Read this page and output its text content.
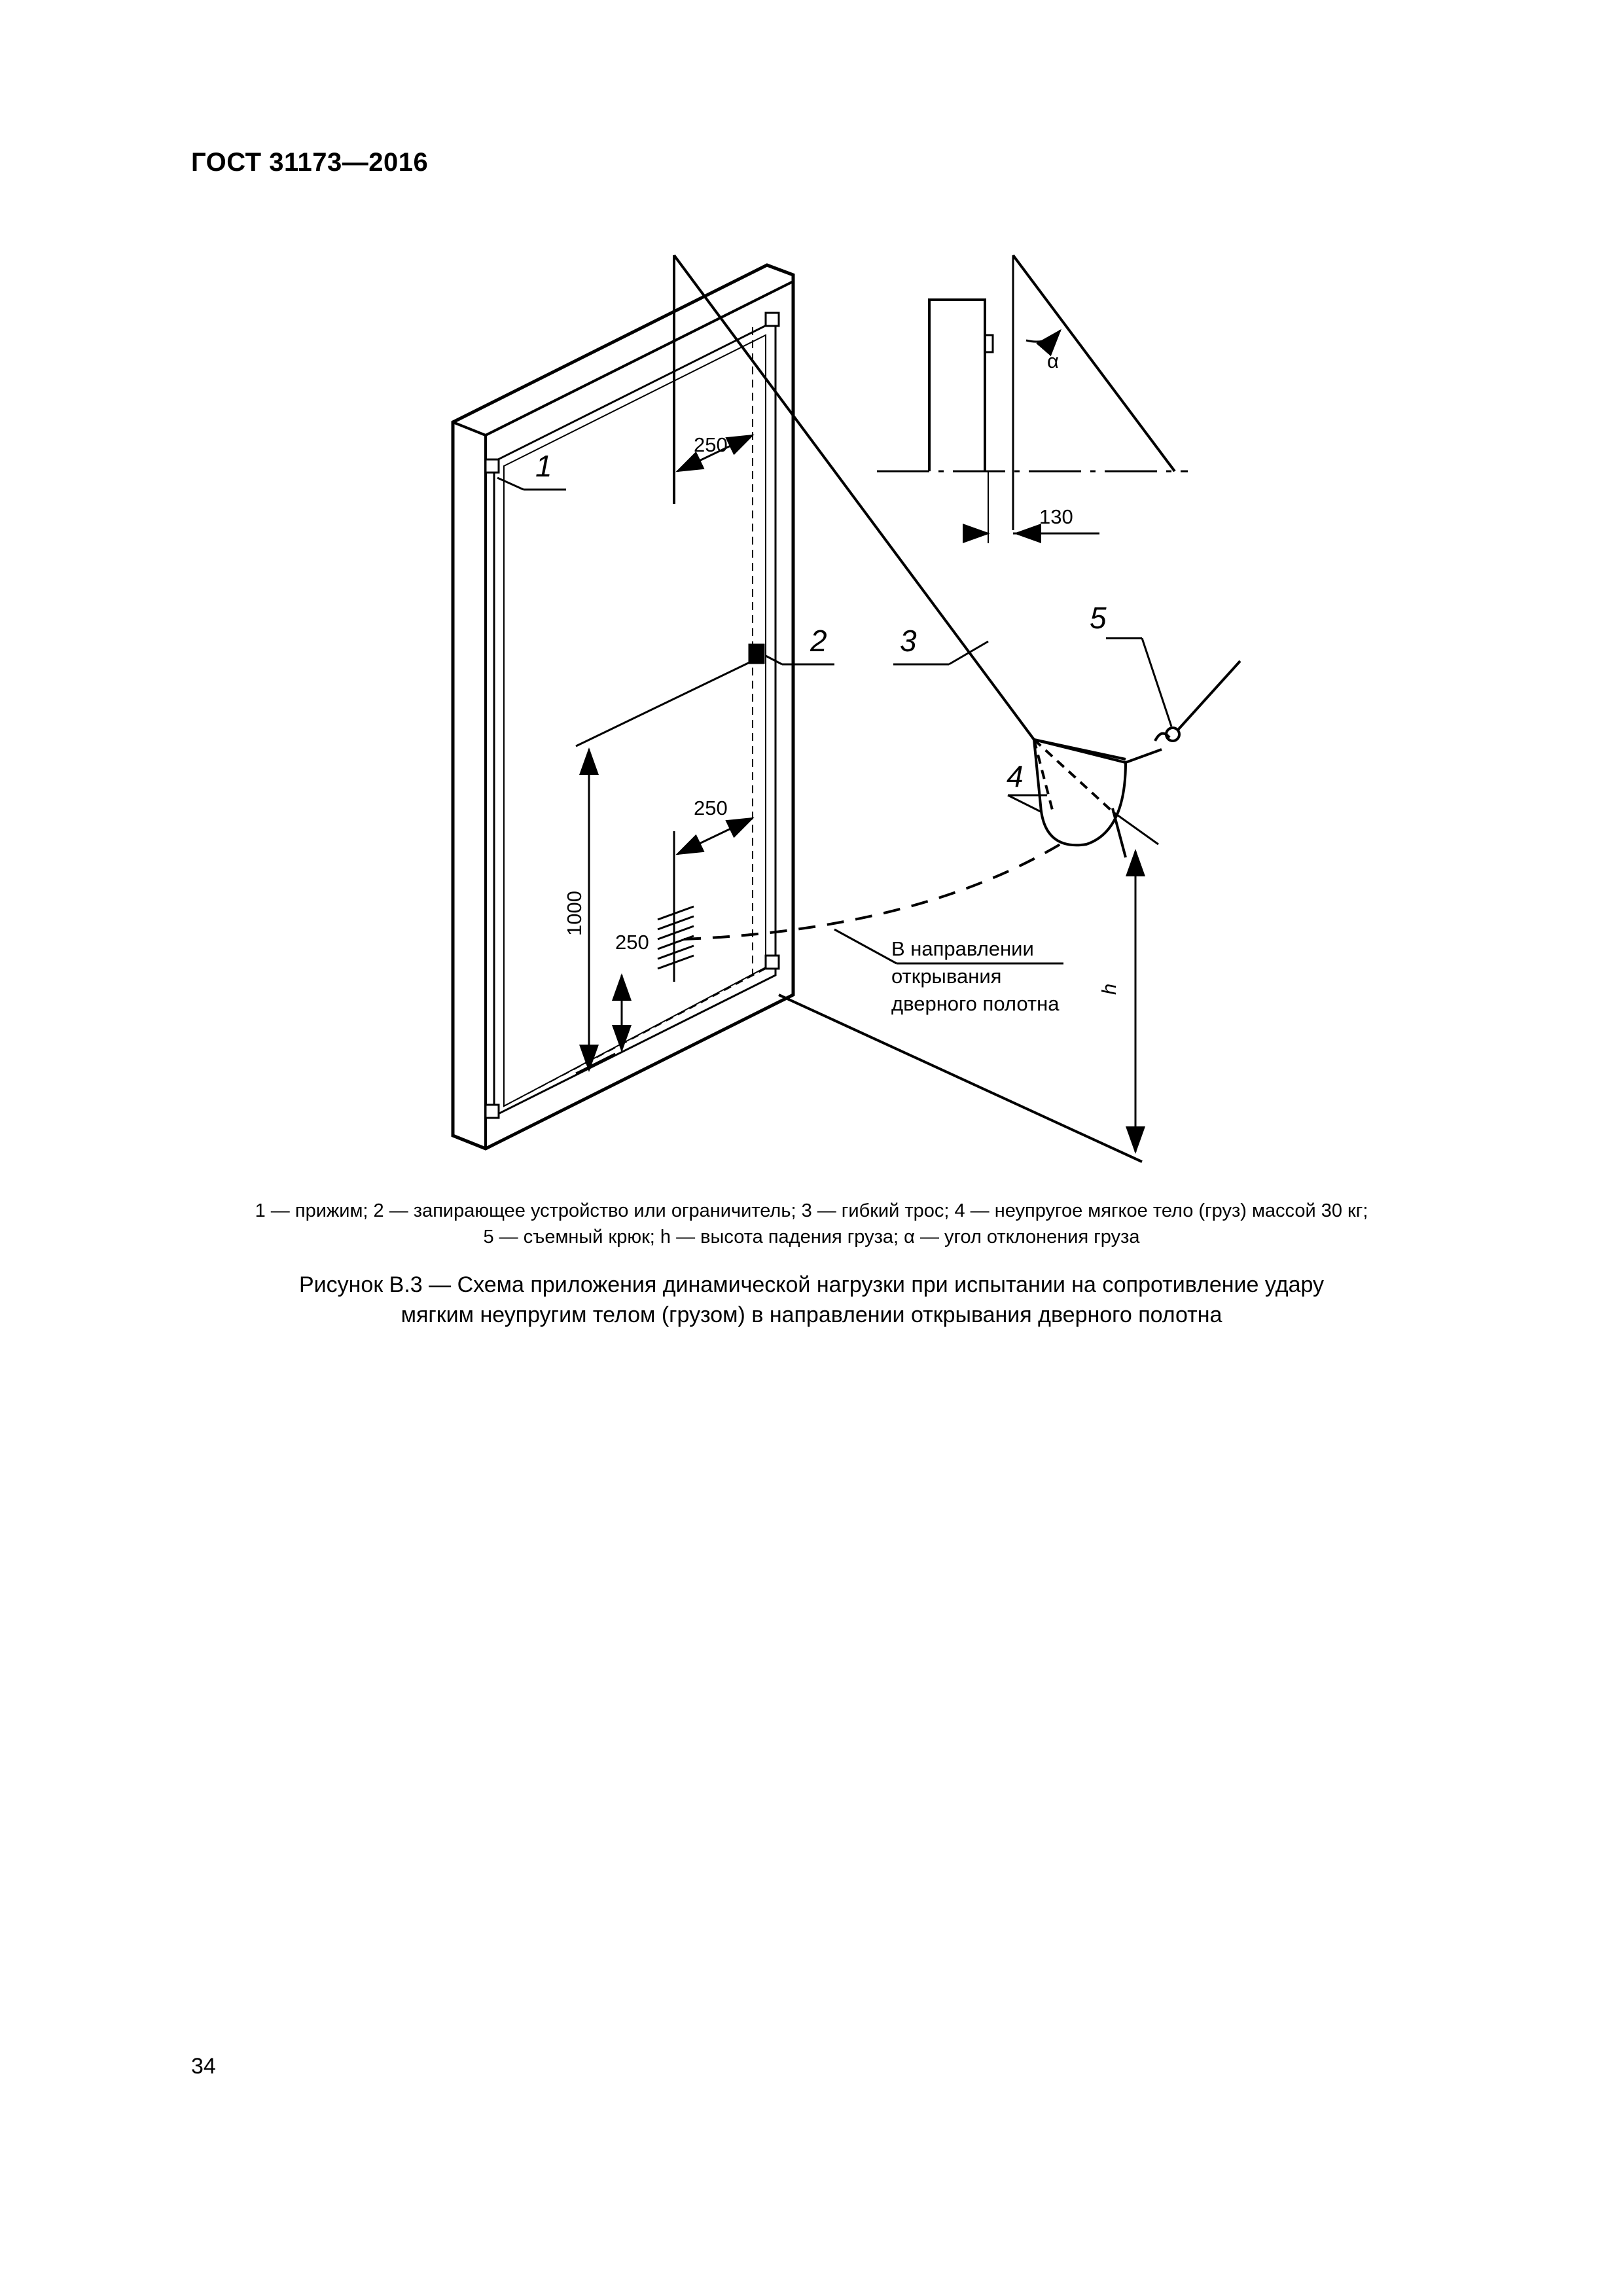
ГОСТ 31173—2016
h
1000
250
250
250
α
130
1
2 3
4
5
В направлении
открывания
дверного полотна
1 — прижим; 2 — запирающее устройство или ограничитель; 3 — гибкий трос; 4 — неупругое мягкое тело (груз) массой 30 кг;
5 — съемный крюк; h — высота падения груза; α — угол отклонения груза
Рисунок В.3 — Схема приложения динамической нагрузки при испытании на сопротивление удару
мягким неупругим телом (грузом) в направлении открывания дверного полотна
34
